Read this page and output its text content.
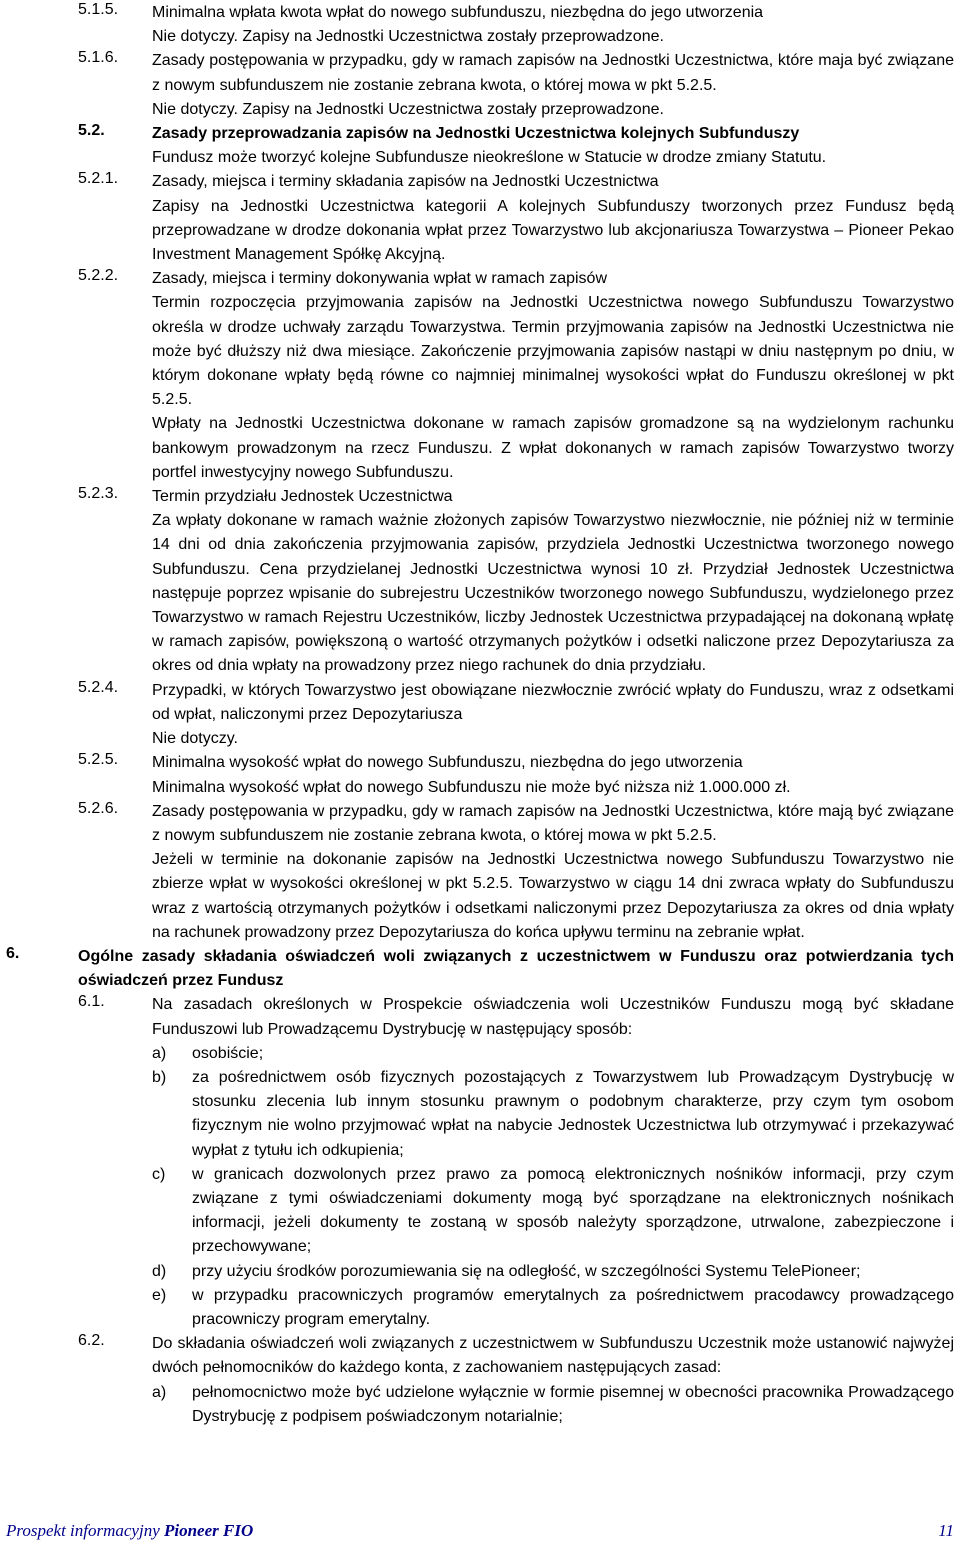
5.1.5. Minimalna wpłata kwota wpłat do nowego subfunduszu, niezbędna do jego utworzenia
Nie dotyczy. Zapisy na Jednostki Uczestnictwa zostały przeprowadzone.
5.1.6. Zasady postępowania w przypadku, gdy w ramach zapisów na Jednostki Uczestnictwa, które maja być związane z nowym subfunduszem nie zostanie zebrana kwota, o której mowa w pkt 5.2.5.
Nie dotyczy. Zapisy na Jednostki Uczestnictwa zostały przeprowadzone.
5.2.	Zasady przeprowadzania zapisów na Jednostki Uczestnictwa kolejnych Subfunduszy
Fundusz może tworzyć kolejne Subfundusze nieokreślone w Statucie w drodze zmiany Statutu.
5.2.1. Zasady, miejsca i terminy składania zapisów na Jednostki Uczestnictwa
Zapisy na Jednostki Uczestnictwa kategorii A kolejnych Subfunduszy tworzonych przez Fundusz będą przeprowadzane w drodze dokonania wpłat przez Towarzystwo lub akcjonariusza Towarzystwa – Pioneer Pekao Investment Management Spółkę Akcyjną.
5.2.2. Zasady, miejsca i terminy dokonywania wpłat w ramach zapisów
Termin rozpoczęcia przyjmowania zapisów na Jednostki Uczestnictwa nowego Subfunduszu Towarzystwo określa w drodze uchwały zarządu Towarzystwa. Termin przyjmowania zapisów na Jednostki Uczestnictwa nie może być dłuższy niż dwa miesiące. Zakończenie przyjmowania zapisów nastąpi w dniu następnym po dniu, w którym dokonane wpłaty będą równe co najmniej minimalnej wysokości wpłat do Funduszu określonej w pkt 5.2.5.
Wpłaty na Jednostki Uczestnictwa dokonane w ramach zapisów gromadzone są na wydzielonym rachunku bankowym prowadzonym na rzecz Funduszu. Z wpłat dokonanych w ramach zapisów Towarzystwo tworzy portfel inwestycyjny nowego Subfunduszu.
5.2.3. Termin przydziału Jednostek Uczestnictwa
Za wpłaty dokonane w ramach ważnie złożonych zapisów Towarzystwo niezwłocznie, nie później niż w terminie 14 dni od dnia zakończenia przyjmowania zapisów, przydziela Jednostki Uczestnictwa tworzonego nowego Subfunduszu. Cena przydzielanej Jednostki Uczestnictwa wynosi 10 zł. Przydział Jednostek Uczestnictwa następuje poprzez wpisanie do subrejestru Uczestników tworzonego nowego Subfunduszu, wydzielonego przez Towarzystwo w ramach Rejestru Uczestników, liczby Jednostek Uczestnictwa przypadającej na dokonaną wpłatę w ramach zapisów, powiększoną o wartość otrzymanych pożytków i odsetki naliczone przez Depozytariusza za okres od dnia wpłaty na prowadzony przez niego rachunek do dnia przydziału.
5.2.4. Przypadki, w których Towarzystwo jest obowiązane niezwłocznie zwrócić wpłaty do Funduszu, wraz z odsetkami od wpłat, naliczonymi przez Depozytariusza
Nie dotyczy.
5.2.5. Minimalna wysokość wpłat do nowego Subfunduszu, niezbędna do jego utworzenia
Minimalna wysokość wpłat do nowego Subfunduszu nie może być niższa niż 1.000.000 zł.
5.2.6. Zasady postępowania w przypadku, gdy w ramach zapisów na Jednostki Uczestnictwa, które mają być związane z nowym subfunduszem nie zostanie zebrana kwota, o której mowa w pkt 5.2.5.
Jeżeli w terminie na dokonanie zapisów na Jednostki Uczestnictwa nowego Subfunduszu Towarzystwo nie zbierze wpłat w wysokości określonej w pkt 5.2.5. Towarzystwo w ciągu 14 dni zwraca wpłaty do Subfunduszu wraz z wartością otrzymanych pożytków i odsetkami naliczonymi przez Depozytariusza za okres od dnia wpłaty na rachunek prowadzony przez Depozytariusza do końca upływu terminu na zebranie wpłat.
6.	Ogólne zasady składania oświadczeń woli związanych z uczestnictwem w Funduszu oraz potwierdzania tych oświadczeń przez Fundusz
6.1.	Na zasadach określonych w Prospekcie oświadczenia woli Uczestników Funduszu mogą być składane Funduszowi lub Prowadzącemu Dystrybucję w następujący sposób:
a) osobiście;
b) za pośrednictwem osób fizycznych pozostających z Towarzystwem lub Prowadzącym Dystrybucję w stosunku zlecenia lub innym stosunku prawnym o podobnym charakterze, przy czym tym osobom fizycznym nie wolno przyjmować wpłat na nabycie Jednostek Uczestnictwa lub otrzymywać i przekazywać wypłat z tytułu ich odkupienia;
c) w granicach dozwolonych przez prawo za pomocą elektronicznych nośników informacji, przy czym związane z tymi oświadczeniami dokumenty mogą być sporządzane na elektronicznych nośnikach informacji, jeżeli dokumenty te zostaną w sposób należyty sporządzone, utrwalone, zabezpieczone i przechowywane;
d) przy użyciu środków porozumiewania się na odległość, w szczególności Systemu TelePioneer;
e) w przypadku pracowniczych programów emerytalnych za pośrednictwem pracodawcy prowadzącego pracowniczy program emerytalny.
6.2.	Do składania oświadczeń woli związanych z uczestnictwem w Subfunduszu Uczestnik może ustanowić najwyżej dwóch pełnomocników do każdego konta, z zachowaniem następujących zasad:
a) pełnomocnictwo może być udzielone wyłącznie w formie pisemnej w obecności pracownika Prowadzącego Dystrybucję z podpisem poświadczonym notarialnie;
Prospekt informacyjny Pioneer FIO	11
